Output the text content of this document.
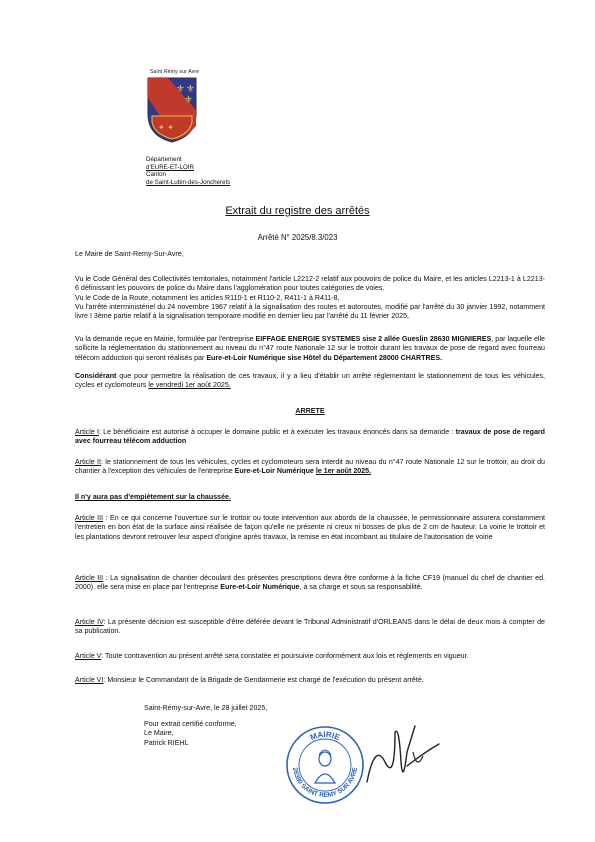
Saint Rémy sur Avre
⚜ ⚜
⚜
✦ ✦
Département
d'EURE-ET-LOIR
Canton
de Saint-Lubin-des-Joncherets
Extrait du registre des arrêtés
Arrêté N° 2025/8.3/023
Le Maire de Saint-Remy-Sur-Avre,

Vu le Code Général des Collectivités territoriales, notamment l'article L2212-2 relatif aux pouvoirs de police du Maire, et les articles L2213-1 à L2213-6 définissant les pouvoirs de police du Maire dans l'agglomération pour toutes catégories de voies.

Vu le Code de la Route, notamment les articles R110-1 et R110-2, R411-1 à R411-8,

Vu l'arrêté interministériel du 24 novembre 1967 relatif à la signalisation des routes et autoroutes, modifié par l'arrêté du 30 janvier 1992, notamment livre I 3ème partie relatif à la signalisation temporaire modifié en dernier lieu par l'arrêté du 11 février 2025,

Vu la demande reçue en Mairie, formulée par l'entreprise EIFFAGE ENERGIE SYSTEMES sise 2 allée Gueslin 28630 MIGNIERES, par laquelle elle sollicite la réglementation du stationnement au niveau du n°47 route Nationale 12 sur le trottoir durant les travaux de pose de regard avec fourreau télécom adduction qui seront réalisés par Eure-et-Loir Numérique sise Hôtel du Département 28000 CHARTRES.
Considérant que pour permettre la réalisation de ces travaux, il y a lieu d'établir un arrêté réglementant le stationnement de tous les véhicules, cycles et cyclomoteurs le vendredi 1er août 2025.
ARRETE
Article I: Le bénéficiaire est autorisé à occuper le domaine public et à exécuter les travaux énoncés dans sa demande : travaux de pose de regard avec fourreau télécom adduction
Article II: le stationnement de tous les véhicules, cycles et cyclomoteurs sera interdit au niveau du n°47 route Nationale 12 sur le trottoir, au droit du chantier à l'exception des véhicules de l'entreprise Eure-et-Loir Numérique le 1er août 2025.
Il n'y aura pas d'empiètement sur la chaussée.
Article III : En ce qui concerne l'ouverture sur le trottoir ou toute intervention aux abords de la chaussée, le permissionnaire assurera constamment l'entretien en bon état de la surface ainsi réalisée de façon qu'elle ne présente ni creux ni bosses de plus de 2 cm de hauteur. La voirie le trottoir et les plantations devront retrouver leur aspect d'origine après travaux, la remise en état incombant au titulaire de l'autorisation de voirie
Article III : La signalisation de chantier découlant des présentes prescriptions devra être conforme à la fiche CF19 (manuel du chef de chantier ed. 2000). elle sera mise en place par l'entreprise Eure-et-Loir Numérique, à sa charge et sous sa responsabilité.
Article IV: La présente décision est susceptible d'être déférée devant le Tribunal Administratif d'ORLEANS dans le délai de deux mois à compter de sa publication.
Article V: Toute contravention au présent arrêté sera constatée et poursuivie conformément aux lois et règlements en vigueur.
Article VI: Monsieur le Commandant de la Brigade de Gendarmerie est chargé de l'exécution du présent arrêté.
Saint-Rémy-sur-Avre, le 28 juillet 2025,
Pour extrait certifié conforme,
Le Maire,
Patrick RIEHL
MAIRIE
28380 SAINT REMY SUR AVRE
